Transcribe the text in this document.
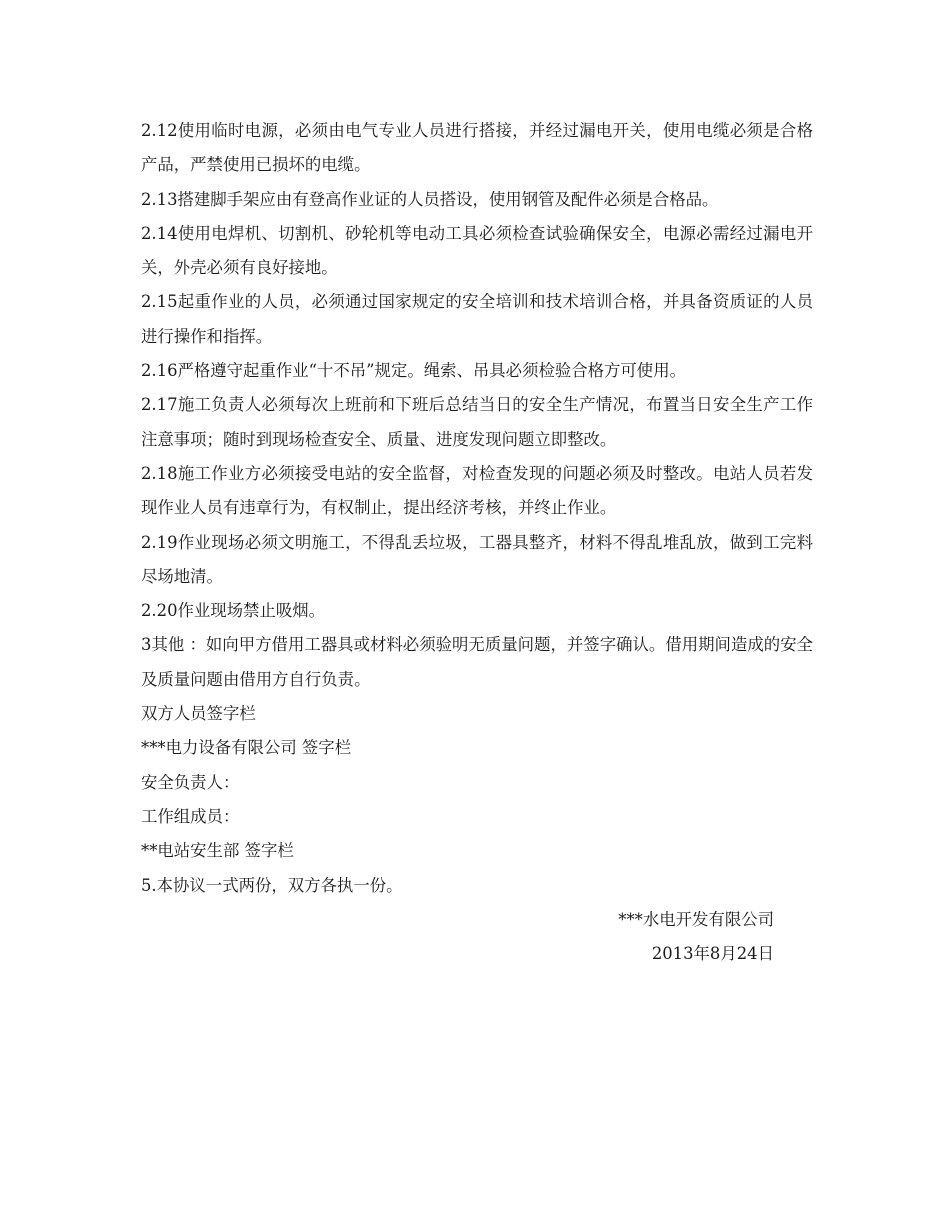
2.12使用临时电源，必须由电气专业人员进行搭接，并经过漏电开关，使用电缆必须是合格产品，严禁使用已损坏的电缆。

2.13搭建脚手架应由有登高作业证的人员搭设，使用钢管及配件必须是合格品。

2.14使用电焊机、切割机、砂轮机等电动工具必须检查试验确保安全，电源必需经过漏电开关，外壳必须有良好接地。

2.15起重作业的人员，必须通过国家规定的安全培训和技术培训合格，并具备资质证的人员进行操作和指挥。

2.16严格遵守起重作业“十不吊”规定。绳索、吊具必须检验合格方可使用。

2.17施工负责人必须每次上班前和下班后总结当日的安全生产情况，布置当日安全生产工作注意事项；随时到现场检查安全、质量、进度发现问题立即整改。

2.18施工作业方必须接受电站的安全监督，对检查发现的问题必须及时整改。电站人员若发现作业人员有违章行为，有权制止，提出经济考核，并终止作业。

2.19作业现场必须文明施工，不得乱丢垃圾，工器具整齐，材料不得乱堆乱放，做到工完料尽场地清。

2.20作业现场禁止吸烟。

3其他 ：如向甲方借用工器具或材料必须验明无质量问题，并签字确认。借用期间造成的安全及质量问题由借用方自行负责。

双方人员签字栏

***电力设备有限公司 签字栏

安全负责人：

工作组成员：

**电站安生部 签字栏

5.本协议一式两份，双方各执一份。

***水电开发有限公司
2013年8月24日
